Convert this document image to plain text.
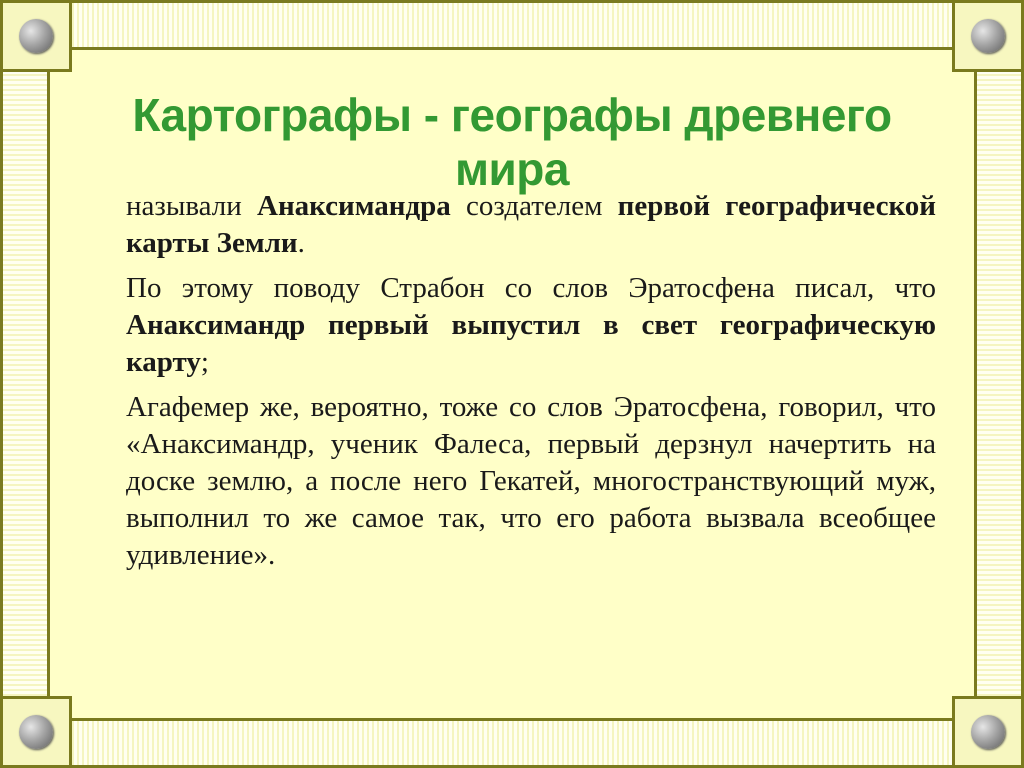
Картографы - географы древнего мира

называли Анаксимандра создателем первой географической карты Земли.

По этому поводу Страбон со слов Эратосфена писал, что Анаксимандр первый выпустил в свет географическую карту;

Агафемер же, вероятно, тоже со слов Эратосфена, говорил, что «Анаксимандр, ученик Фалеса, первый дерзнул начертить на доске землю, а после него Гекатей, многостранствующий муж, выполнил то же самое так, что его работа вызвала всеобщее удивление».
